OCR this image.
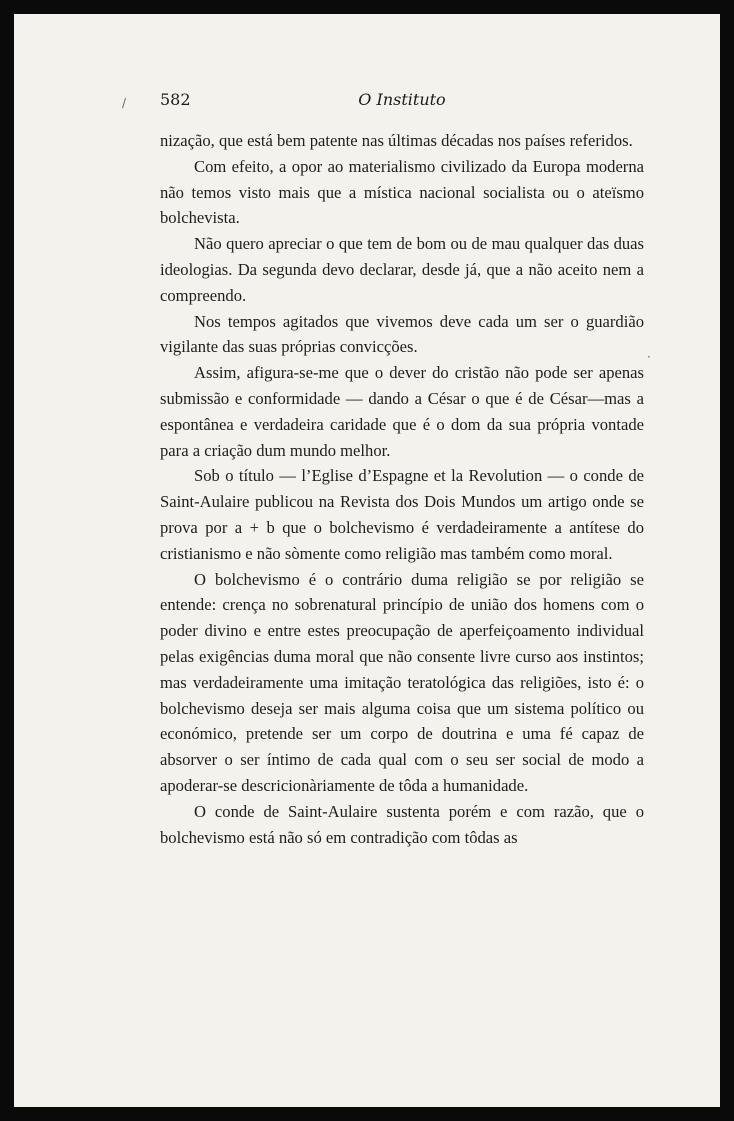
582	O Instituto

nização, que está bem patente nas últimas décadas nos países referidos.

Com efeito, a opor ao materialismo civilizado da Europa moderna não temos visto mais que a mística nacional socialista ou o ateïsmo bolchevista.

Não quero apreciar o que tem de bom ou de mau qualquer das duas ideologias. Da segunda devo declarar, desde já, que a não aceito nem a compreendo.

Nos tempos agitados que vivemos deve cada um ser o guardião vigilante das suas próprias convicções.

Assim, afigura-se-me que o dever do cristão não pode ser apenas submissão e conformidade — dando a César o que é de César—mas a espontânea e verdadeira caridade que é o dom da sua própria vontade para a criação dum mundo melhor.

Sob o título — l’Eglise d’Espagne et la Revolution — o conde de Saint-Aulaire publicou na Revista dos Dois Mundos um artigo onde se prova por a + b que o bolchevismo é verdadeiramente a antítese do cristianismo e não sòmente como religião mas também como moral.

O bolchevismo é o contrário duma religião se por religião se entende: crença no sobrenatural princípio de união dos homens com o poder divino e entre estes preocupação de aperfeiçoamento individual pelas exigências duma moral que não consente livre curso aos instintos; mas verdadeiramente uma imitação teratológica das religiões, isto é: o bolchevismo deseja ser mais alguma coisa que um sistema político ou económico, pretende ser um corpo de doutrina e uma fé capaz de absorver o ser íntimo de cada qual com o seu ser social de modo a apoderar-se descricionàriamente de tôda a humanidade.

O conde de Saint-Aulaire sustenta porém e com razão, que o bolchevismo está não só em contradição com tôdas as

/
·
